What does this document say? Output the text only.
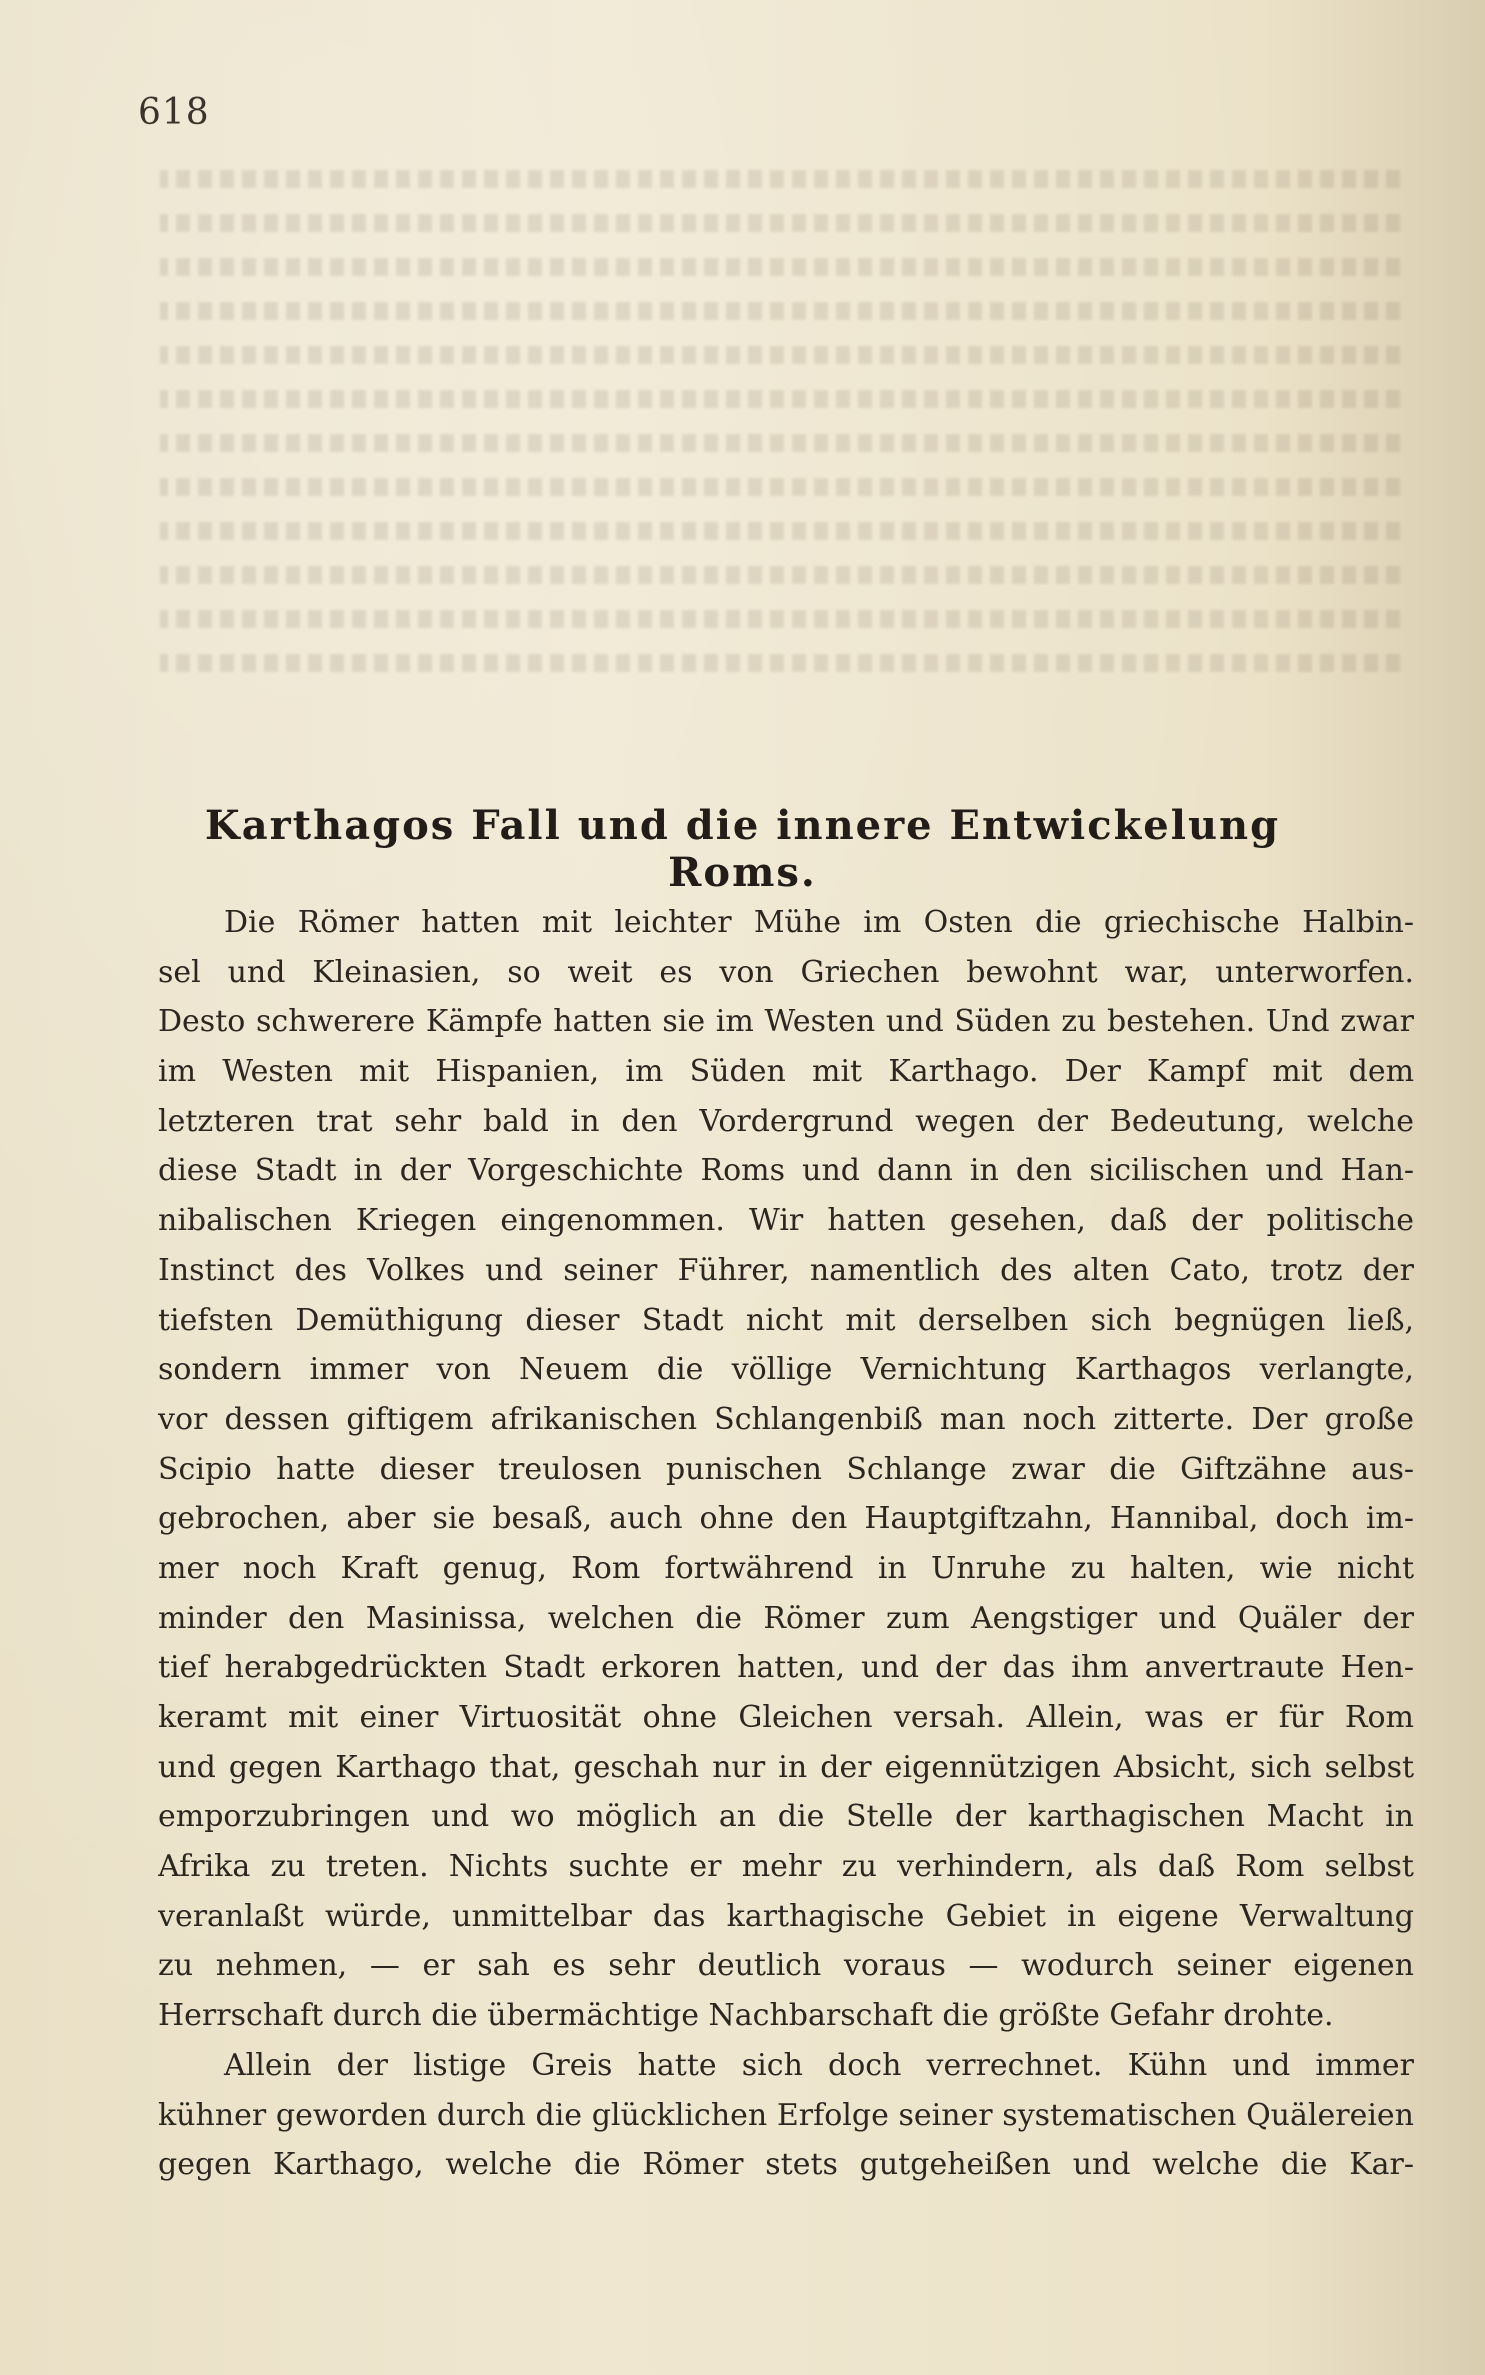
618
Karthagos Fall und die innere Entwickelung Roms.
Die Römer hatten mit leichter Mühe im Osten die griechische Halbin-
sel und Kleinasien, so weit es von Griechen bewohnt war, unterworfen.
Desto schwerere Kämpfe hatten sie im Westen und Süden zu bestehen. Und zwar
im Westen mit Hispanien, im Süden mit Karthago. Der Kampf mit dem
letzteren trat sehr bald in den Vordergrund wegen der Bedeutung, welche
diese Stadt in der Vorgeschichte Roms und dann in den sicilischen und Han-
nibalischen Kriegen eingenommen. Wir hatten gesehen, daß der politische
Instinct des Volkes und seiner Führer, namentlich des alten Cato, trotz der
tiefsten Demüthigung dieser Stadt nicht mit derselben sich begnügen ließ,
sondern immer von Neuem die völlige Vernichtung Karthagos verlangte,
vor dessen giftigem afrikanischen Schlangenbiß man noch zitterte. Der große
Scipio hatte dieser treulosen punischen Schlange zwar die Giftzähne aus-
gebrochen, aber sie besaß, auch ohne den Hauptgiftzahn, Hannibal, doch im-
mer noch Kraft genug, Rom fortwährend in Unruhe zu halten, wie nicht
minder den Masinissa, welchen die Römer zum Aengstiger und Quäler der
tief herabgedrückten Stadt erkoren hatten, und der das ihm anvertraute Hen-
keramt mit einer Virtuosität ohne Gleichen versah. Allein, was er für Rom
und gegen Karthago that, geschah nur in der eigennützigen Absicht, sich selbst
emporzubringen und wo möglich an die Stelle der karthagischen Macht in
Afrika zu treten. Nichts suchte er mehr zu verhindern, als daß Rom selbst
veranlaßt würde, unmittelbar das karthagische Gebiet in eigene Verwaltung
zu nehmen, — er sah es sehr deutlich voraus — wodurch seiner eigenen
Herrschaft durch die übermächtige Nachbarschaft die größte Gefahr drohte.
Allein der listige Greis hatte sich doch verrechnet. Kühn und immer
kühner geworden durch die glücklichen Erfolge seiner systematischen Quälereien
gegen Karthago, welche die Römer stets gutgeheißen und welche die Kar-
